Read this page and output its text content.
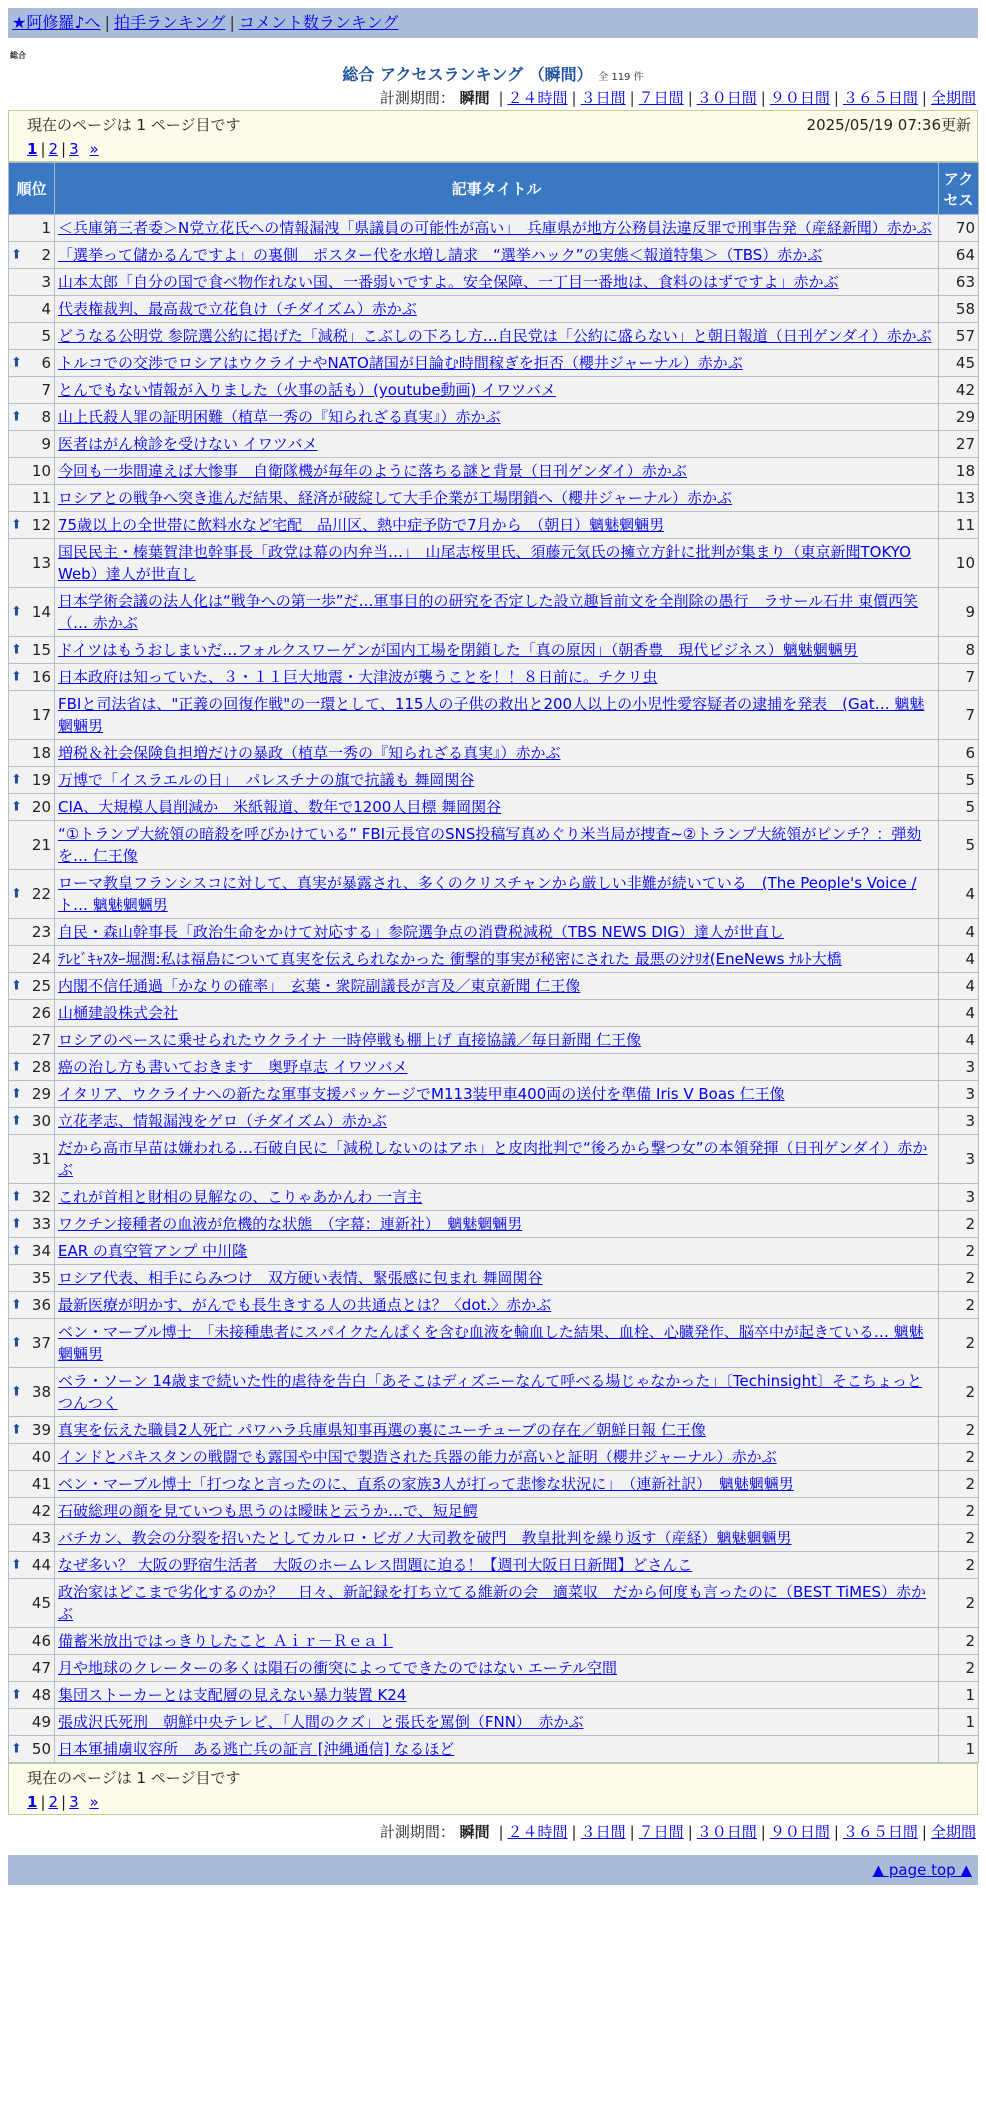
★阿修羅♪へ | 拍手ランキング | コメント数ランキング
総合
総合 アクセスランキング （瞬間） 全 119 件
計測期間： 瞬間 | ２４時間 | ３日間 | ７日間 | ３０日間 | ９０日間 | ３６５日間 | 全期間
現在のページは 1 ページ目です	2025/05/19 07:36更新
1 | 2 | 3 »
順位	記事タイトル	アクセス
1	＜兵庫第三者委＞N党立花氏への情報漏洩「県議員の可能性が高い」　兵庫県が地方公務員法違反罪で刑事告発（産経新聞）赤かぶ	70

⬆ 2	「選挙って儲かるんですよ」の裏側　ポスター代を水増し請求　“選挙ハック”の実態＜報道特集＞（TBS）赤かぶ	64
3	山本太郎「自分の国で食べ物作れない国、一番弱いですよ。安全保障、一丁目一番地は、食料のはずですよ」赤かぶ	63
4	代表権裁判、最高裁で立花負け（チダイズム）赤かぶ	58
5	どうなる公明党 参院選公約に掲げた「減税」こぶしの下ろし方…自民党は「公約に盛らない」と朝日報道（日刊ゲンダイ）赤かぶ	57

⬆ 6	トルコでの交渉でロシアはウクライナやNATO諸国が目論む時間稼ぎを拒否（櫻井ジャーナル）赤かぶ	45
7	とんでもない情報が入りました（火事の話も）(youtube動画) イワツバメ	42

⬆ 8	山上氏殺人罪の証明困難（植草一秀の『知られざる真実』）赤かぶ	29
9	医者はがん検診を受けない イワツバメ	27
10	今回も一歩間違えば大惨事　自衛隊機が毎年のように落ちる謎と背景（日刊ゲンダイ）赤かぶ	18
11	ロシアとの戦争へ突き進んだ結果、経済が破綻して大手企業が工場閉鎖へ（櫻井ジャーナル）赤かぶ	13

⬆ 12	75歳以上の全世帯に飲料水など宅配　品川区、熱中症予防で7月から　（朝日）魑魅魍魎男	11
13	国民民主・榛葉賀津也幹事長「政党は幕の内弁当…」　山尾志桜里氏、須藤元気氏の擁立方針に批判が集まり（東京新聞TOKYO Web）達人が世直し	10

⬆ 14	日本学術会議の法人化は“戦争への第一歩”だ…軍事目的の研究を否定した設立趣旨前文を全削除の愚行　ラサール石井 東價西笑（… 赤かぶ	9

⬆ 15	ドイツはもうおしまいだ…フォルクスワーゲンが国内工場を閉鎖した「真の原因」（朝香豊　現代ビジネス）魑魅魍魎男	8

⬆ 16	日本政府は知っていた、３・１１巨大地震・大津波が襲うことを！！８日前に。チクリ虫	7
17	FBIと司法省は、"正義の回復作戦"の一環として、115人の子供の救出と200人以上の小児性愛容疑者の逮捕を発表　(Gat… 魑魅魍魎男	7
18	増税＆社会保険負担増だけの暴政（植草一秀の『知られざる真実』）赤かぶ	6

⬆ 19	万博で「イスラエルの日」　パレスチナの旗で抗議も 舞岡関谷	5

⬆ 20	CIA、大規模人員削減か　米紙報道、数年で1200人目標 舞岡関谷	5
21	“①トランプ大統領の暗殺を呼びかけている” FBI元長官のSNS投稿写真めぐり米当局が捜査~②トランプ大統領がピンチ？：弾劾を… 仁王像	5

⬆ 22	ローマ教皇フランシスコに対して、真実が暴露され、多くのクリスチャンから厳しい非難が続いている　(The People's Voice / ト… 魑魅魍魎男	4
23	自民・森山幹事長「政治生命をかけて対応する」参院選争点の消費税減税（TBS NEWS DIG）達人が世直し	4
24	ﾃﾚﾋﾞｷｬｽﾀｰ堀潤:私は福島について真実を伝えられなかった 衝撃的事実が秘密にされた 最悪のｼﾅﾘｵ(EneNews ﾅﾙﾄ大橋	4

⬆ 25	内閣不信任通過「かなりの確率」　玄葉・衆院副議長が言及／東京新聞 仁王像	4
26	山樋建設株式会社	4
27	ロシアのペースに乗せられたウクライナ 一時停戦も棚上げ 直接協議／毎日新聞 仁王像	4

⬆ 28	癌の治し方も書いておきます　奥野卓志 イワツバメ	3

⬆ 29	イタリア、ウクライナへの新たな軍事支援パッケージでM113装甲車400両の送付を準備 Iris V Boas 仁王像	3

⬆ 30	立花孝志、情報漏洩をゲロ（チダイズム）赤かぶ	3
31	だから高市早苗は嫌われる…石破自民に「減税しないのはアホ」と皮肉批判で“後ろから撃つ女”の本領発揮（日刊ゲンダイ）赤かぶ	3

⬆ 32	これが首相と財相の見解なの、こりゃあかんわ 一言主	3

⬆ 33	ワクチン接種者の血液が危機的な状態　（字幕：連新社）　魑魅魍魎男	2

⬆ 34	EAR の真空管アンプ 中川隆	2
35	ロシア代表、相手にらみつけ　双方硬い表情、緊張感に包まれ 舞岡関谷	2

⬆ 36	最新医療が明かす、がんでも長生きする人の共通点とは？〈dot.〉赤かぶ	2

⬆ 37	ベン・マーブル博士　「未接種患者にスパイクたんぱくを含む血液を輸血した結果、血栓、心臓発作、脳卒中が起きている… 魑魅魍魎男	2

⬆ 38	ベラ・ソーン 14歳まで続いた性的虐待を告白「あそこはディズニーなんて呼べる場じゃなかった」〔Techinsight〕そこちょっとつんつく	2

⬆ 39	真実を伝えた職員2人死亡 パワハラ兵庫県知事再選の裏にユーチューブの存在／朝鮮日報 仁王像	2
40	インドとパキスタンの戦闘でも露国や中国で製造された兵器の能力が高いと証明（櫻井ジャーナル）赤かぶ	2
41	ベン・マーブル博士「打つなと言ったのに、直系の家族3人が打って悲惨な状況に」　（連新社訳）　魑魅魍魎男	2
42	石破総理の顔を見ていつも思うのは曖昧と云うか…で、短足鰐	2
43	バチカン、教会の分裂を招いたとしてカルロ・ビガノ大司教を破門　教皇批判を繰り返す（産経）魑魅魍魎男	2

⬆ 44	なぜ多い？ 大阪の野宿生活者　大阪のホームレス問題に迫る！【週刊大阪日日新聞】どさんこ	2
45	政治家はどこまで劣化するのか？　日々、新記録を打ち立てる維新の会　適菜収　だから何度も言ったのに（BEST TiMES）赤かぶ	2
46	備蓄米放出ではっきりしたこと Ａｉｒ－Ｒｅａｌ	2
47	月や地球のクレーターの多くは隕石の衝突によってできたのではない エーテル空間	2

⬆ 48	集団ストーカーとは支配層の見えない暴力装置 K24	1
49	張成沢氏死刑　朝鮮中央テレビ、「人間のクズ」と張氏を罵倒（FNN）　赤かぶ	1

⬆ 50	日本軍捕虜収容所　ある逃亡兵の証言 [沖縄通信] なるほど	1
現在のページは 1 ページ目です
1 | 2 | 3 »
計測期間： 瞬間 | ２４時間 | ３日間 | ７日間 | ３０日間 | ９０日間 | ３６５日間 | 全期間
▲ page top ▲
